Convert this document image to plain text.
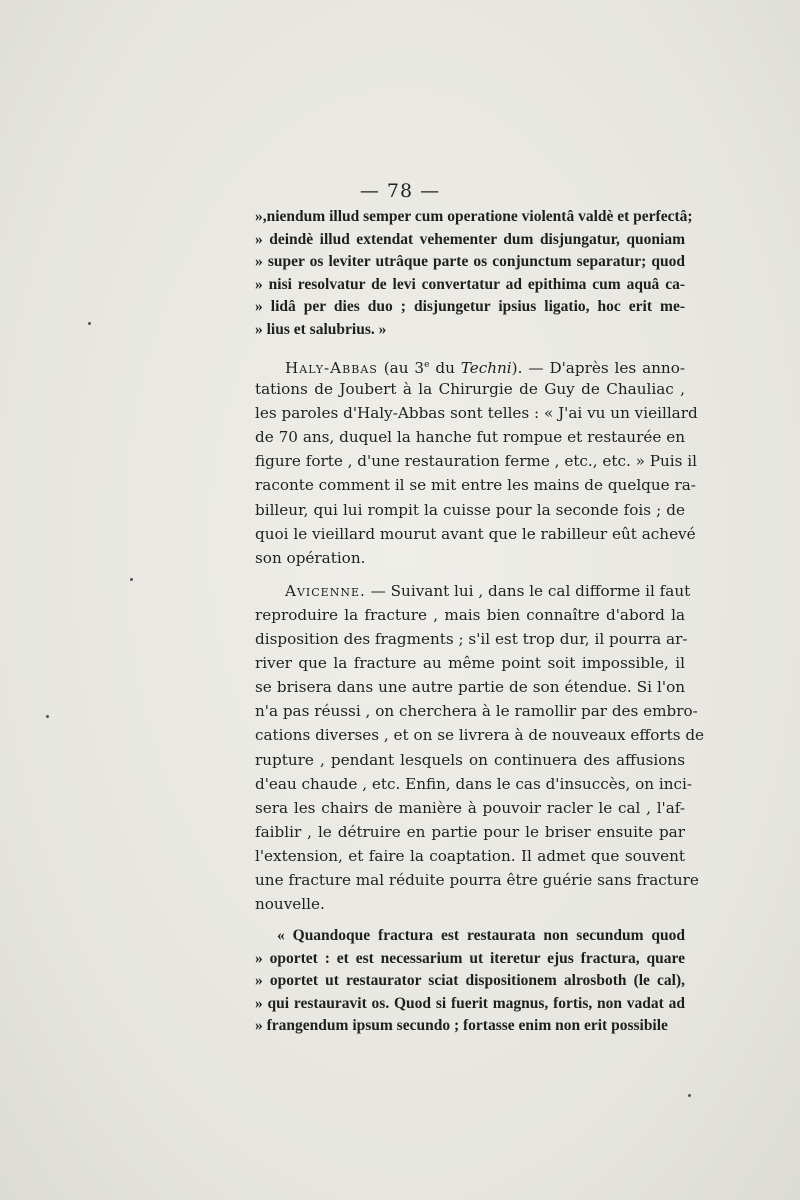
— 78 —
»,niendum illud semper cum operatione violentâ valdè et perfectâ;
» deindè illud extendat vehementer dum disjungatur, quoniam
» super os leviter utrâque parte os conjunctum separatur; quod
» nisi resolvatur de levi convertatur ad epithima cum aquâ ca-
» lidâ per dies duo ; disjungetur ipsius ligatio, hoc erit me-
» lius et salubrius. »
Haly-Abbas (au 3e du Techni). — D'après les anno-
tations de Joubert à la Chirurgie de Guy de Chauliac ,
les paroles d'Haly-Abbas sont telles : « J'ai vu un vieillard
de 70 ans, duquel la hanche fut rompue et restaurée en
figure forte , d'une restauration ferme , etc., etc. » Puis il
raconte comment il se mit entre les mains de quelque ra-
billeur, qui lui rompit la cuisse pour la seconde fois ; de
quoi le vieillard mourut avant que le rabilleur eût achevé
son opération.
Avicenne. — Suivant lui , dans le cal difforme il faut
reproduire la fracture , mais bien connaître d'abord la
disposition des fragments ; s'il est trop dur, il pourra ar-
river que la fracture au même point soit impossible, il
se brisera dans une autre partie de son étendue. Si l'on
n'a pas réussi , on cherchera à le ramollir par des embro-
cations diverses , et on se livrera à de nouveaux efforts de
rupture , pendant lesquels on continuera des affusions
d'eau chaude , etc. Enfin, dans le cas d'insuccès, on inci-
sera les chairs de manière à pouvoir racler le cal , l'af-
faiblir , le détruire en partie pour le briser ensuite par
l'extension, et faire la coaptation. Il admet que souvent
une fracture mal réduite pourra être guérie sans fracture
nouvelle.
« Quandoque fractura est restaurata non secundum quod
» oportet : et est necessarium ut iteretur ejus fractura, quare
» oportet ut restaurator sciat dispositionem alrosboth (le cal),
» qui restauravit os. Quod si fuerit magnus, fortis, non vadat ad
» frangendum ipsum secundo ; fortasse enim non erit possibile
